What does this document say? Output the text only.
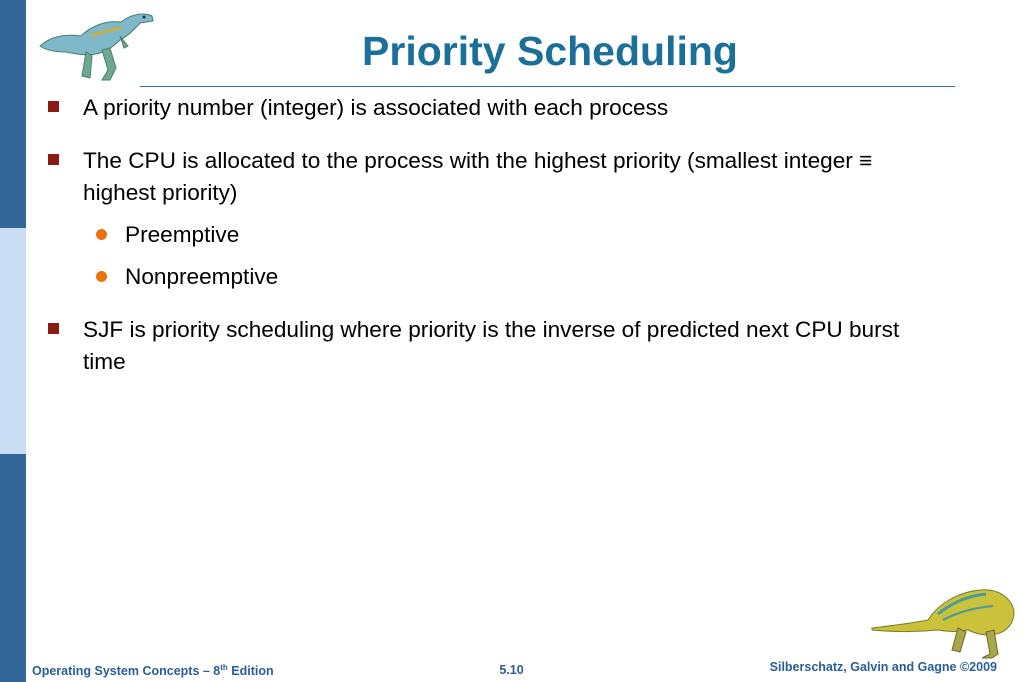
Priority Scheduling
A priority number (integer) is associated with each process
The CPU is allocated to the process with the highest priority (smallest integer ≡ highest priority)
Preemptive
Nonpreemptive
SJF is priority scheduling where priority is the inverse of predicted next CPU burst time
Operating System Concepts – 8th Edition	5.10	Silberschatz, Galvin and Gagne ©2009
